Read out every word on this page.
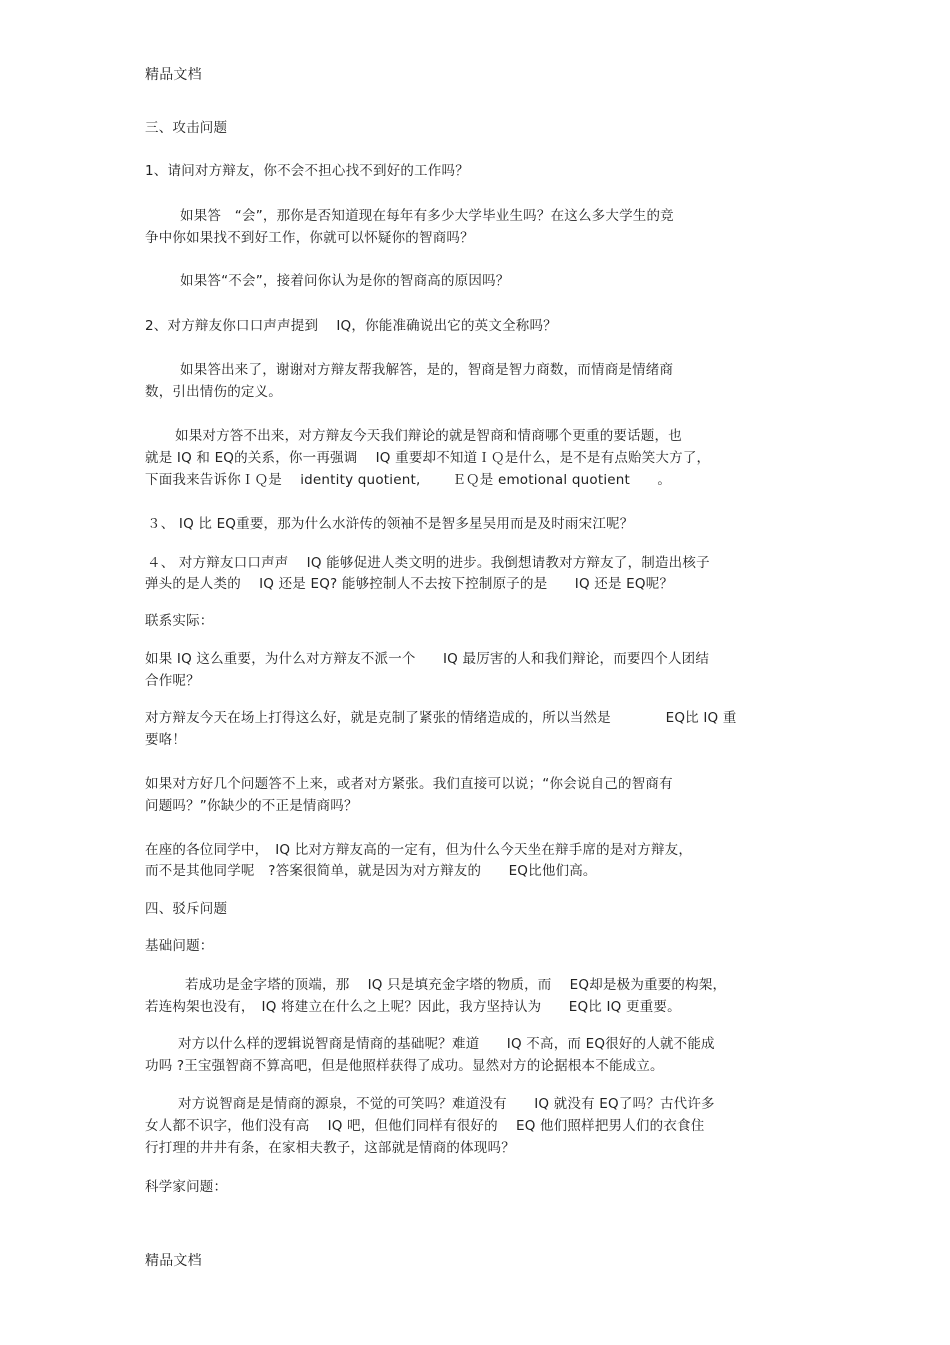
精品文档
三、攻击问题
1、请问对方辩友，你不会不担心找不到好的工作吗？
如果答　“会”，那你是否知道现在每年有多少大学毕业生吗？在这么多大学生的竞
争中你如果找不到好工作，你就可以怀疑你的智商吗？
如果答“不会”，接着问你认为是你的智商高的原因吗？
2、对方辩友你口口声声提到　 IQ，你能准确说出它的英文全称吗？
如果答出来了，谢谢对方辩友帮我解答，是的，智商是智力商数，而情商是情绪商
数，引出情伤的定义。
如果对方答不出来，对方辩友今天我们辩论的就是智商和情商哪个更重的要话题，也
就是 IQ 和 EQ的关系，你一再强调　 IQ 重要却不知道ＩＱ是什么，是不是有点贻笑大方了，
下面我来告诉你ＩＱ是　 identity quotient,　　 ＥＱ是 emotional quotient　　。
３、 IQ 比 EQ重要，那为什么水浒传的领袖不是智多星吴用而是及时雨宋江呢？
４、 对方辩友口口声声　 IQ 能够促进人类文明的进步。我倒想请教对方辩友了，制造出核子
弹头的是人类的　 IQ 还是 EQ? 能够控制人不去按下控制原子的是　　IQ 还是 EQ呢？
联系实际：
如果 IQ 这么重要，为什么对方辩友不派一个　　IQ 最厉害的人和我们辩论，而要四个人团结
合作呢？
对方辩友今天在场上打得这么好，就是克制了紧张的情绪造成的，所以当然是　　　　EQ比 IQ 重
要咯！
如果对方好几个问题答不上来，或者对方紧张。我们直接可以说；“你会说自己的智商有
问题吗？”你缺少的不正是情商吗？
在座的各位同学中，　IQ 比对方辩友高的一定有，但为什么今天坐在辩手席的是对方辩友，
而不是其他同学呢　?答案很简单，就是因为对方辩友的　　EQ比他们高。
四、驳斥问题
基础问题：
若成功是金字塔的顶端，那　 IQ 只是填充金字塔的物质，而　 EQ却是极为重要的构架，
若连构架也没有，　IQ 将建立在什么之上呢？因此，我方坚持认为　　EQ比 IQ 更重要。
对方以什么样的逻辑说智商是情商的基础呢？难道　　IQ 不高，而 EQ很好的人就不能成
功吗 ?王宝强智商不算高吧，但是他照样获得了成功。显然对方的论据根本不能成立。
对方说智商是是情商的源泉，不觉的可笑吗？难道没有　　IQ 就没有 EQ了吗？古代许多
女人都不识字，他们没有高　 IQ 吧，但他们同样有很好的　 EQ 他们照样把男人们的衣食住
行打理的井井有条，在家相夫教子，这部就是情商的体现吗？
科学家问题：
精品文档
